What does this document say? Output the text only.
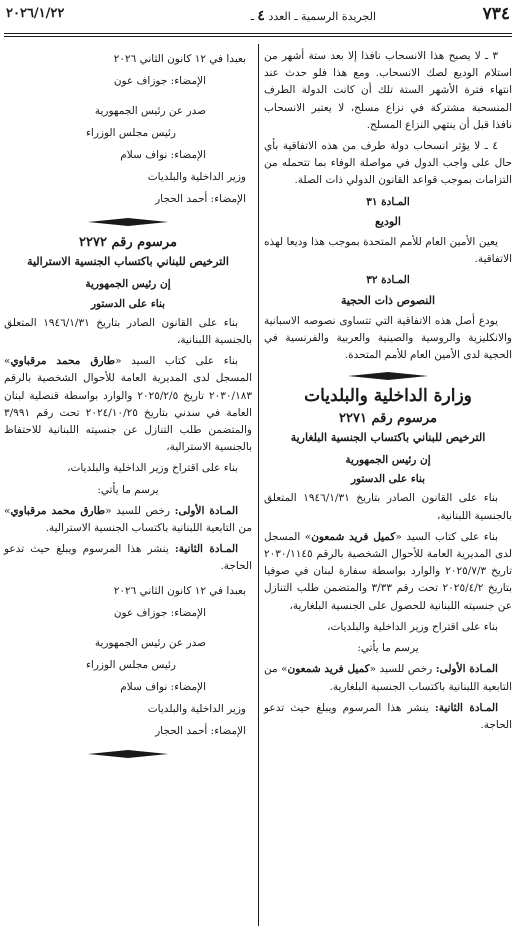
٧٣٤
الجريدة الرسمية ـ العدد ٤ ـ
٢٠٢٦/١/٢٢

٣ ـ لا يصبح هذا الانسحاب نافذا إلا بعد ستة أشهر من استلام الوديع لصك الانسحاب. ومع هذا فلو حدث عند انتهاء فترة الأشهر الستة تلك أن كانت الدولة الطرف المنسحبة مشتركة في نزاع مسلح، لا يعتبر الانسحاب نافذا قبل أن ينتهي النزاع المسلح.

٤ ـ لا يؤثر انسحاب دولة طرف من هذه الاتفاقية بأي حال على واجب الدول في مواصلة الوفاء بما تتحمله من التزامات بموجب قواعد القانون الدولي ذات الصلة.

المـادة ٣١
الوديع

يعين الأمين العام للأمم المتحدة بموجب هذا وديعا لهذه الاتفاقية.

المـادة ٣٢
النصوص ذات الحجية

يودع أصل هذه الاتفاقية التي تتساوى نصوصه الاسبانية والانكليزية والروسية والصينية والعربية والفرنسية في الحجية لدى الأمين العام للأمم المتحدة.

وزارة الداخلية والبلديات
مرسوم رقم ٢٢٧١
الترخيص للبناني باكتساب الجنسية البلغارية
إن رئيس الجمهورية
بناء على الدستور

بناء على القانون الصادر بتاريخ ١٩٤٦/١/٣١ المتعلق بالجنسية اللبنانية،

بناء على كتاب السيد «كميل فريد شمعون» المسجل لدى المديرية العامة للأحوال الشخصية بالرقم ٢٠٣٠/١١٤٥ تاريخ ٢٠٢٥/٧/٣ والوارد بواسطة سفارة لبنان في صوفيا بتاريخ ٢٠٢٥/٤/٢ تحت رقم ٣/٣٣ والمتضمن طلب التنازل عن جنسيته اللبنانية للحصول على الجنسية البلغارية،

بناء على اقتراح وزير الداخلية والبلديات،

يرسم ما يأتي:

المـادة الأولى: رخص للسيد «كميل فريد شمعون» من التابعية اللبنانية باكتساب الجنسية البلغارية.

المـادة الثانية: ينشر هذا المرسوم ويبلغ حيث تدعو الحاجة.

بعبدا في ١٢ كانون الثاني ٢٠٢٦
الإمضاء: جوزاف عون
صدر عن رئيس الجمهورية
رئيس مجلس الوزراء
الإمضاء: نواف سلام
وزير الداخلية والبلديات
الإمضاء: أحمد الحجار
مرسوم رقم ٢٢٧٢
الترخيص للبناني باكتساب الجنسية الاسترالية
إن رئيس الجمهورية
بناء على الدستور

بناء على القانون الصادر بتاريخ ١٩٤٦/١/٣١ المتعلق بالجنسية اللبنانية،

بناء على كتاب السيد «طارق محمد مرقباوي» المسجل لدى المديرية العامة للأحوال الشخصية بالرقم ٢٠٣٠/١٨٣ تاريخ ٢٠٢٥/٢/٥ والوارد بواسطة قنصلية لبنان العامة في سدني بتاريخ ٢٠٢٤/١٠/٢٥ تحت رقم ٣/٩٩١ والمتضمن طلب التنازل عن جنسيته اللبنانية للاحتفاظ بالجنسية الاسترالية،

بناء على اقتراح وزير الداخلية والبلديات،

يرسم ما يأتي:

المـادة الأولى: رخص للسيد «طارق محمد مرقباوي» من التابعية اللبنانية باكتساب الجنسية الاسترالية.

المـادة الثانية: ينشر هذا المرسوم ويبلغ حيث تدعو الحاجة.

بعبدا في ١٢ كانون الثاني ٢٠٢٦
الإمضاء: جوزاف عون
صدر عن رئيس الجمهورية
رئيس مجلس الوزراء
الإمضاء: نواف سلام
وزير الداخلية والبلديات
الإمضاء: أحمد الحجار
